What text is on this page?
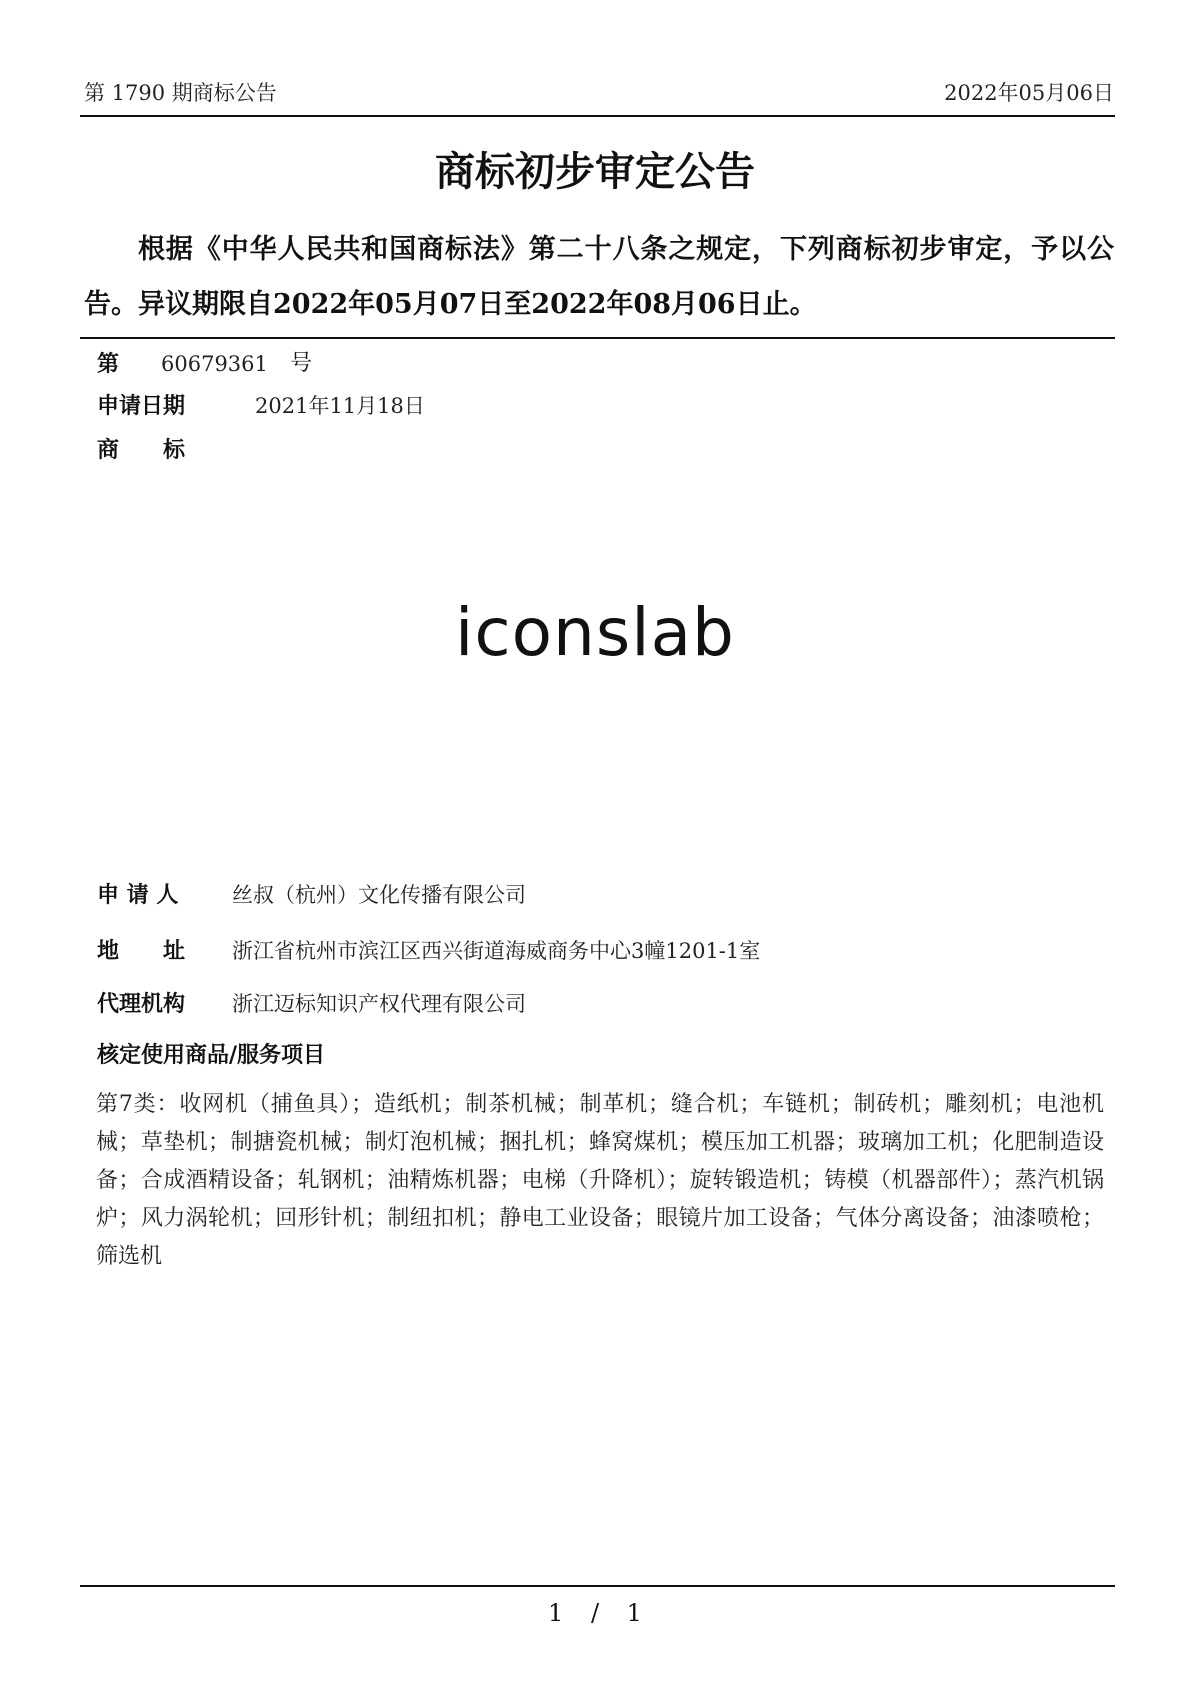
第 1790 期商标公告	2022年05月06日
商标初步审定公告
根据《中华人民共和国商标法》第二十八条之规定，下列商标初步审定，予以公告。异议期限自2022年05月07日至2022年08月06日止。
第 60679361 号
申请日期	2021年11月18日
商　　标
iconslab
申 请 人	丝叔（杭州）文化传播有限公司
地　　址 浙江省杭州市滨江区西兴街道海威商务中心3幢1201-1室
代理机构 浙江迈标知识产权代理有限公司
核定使用商品/服务项目
第7类：收网机（捕鱼具）；造纸机；制茶机械；制革机；缝合机；车链机；制砖机；雕刻机；电池机械；草垫机；制搪瓷机械；制灯泡机械；捆扎机；蜂窝煤机；模压加工机器；玻璃加工机；化肥制造设备；合成酒精设备；轧钢机；油精炼机器；电梯（升降机）；旋转锻造机；铸模（机器部件）；蒸汽机锅炉；风力涡轮机；回形针机；制纽扣机；静电工业设备；眼镜片加工设备；气体分离设备；油漆喷枪；筛选机
1 / 1
